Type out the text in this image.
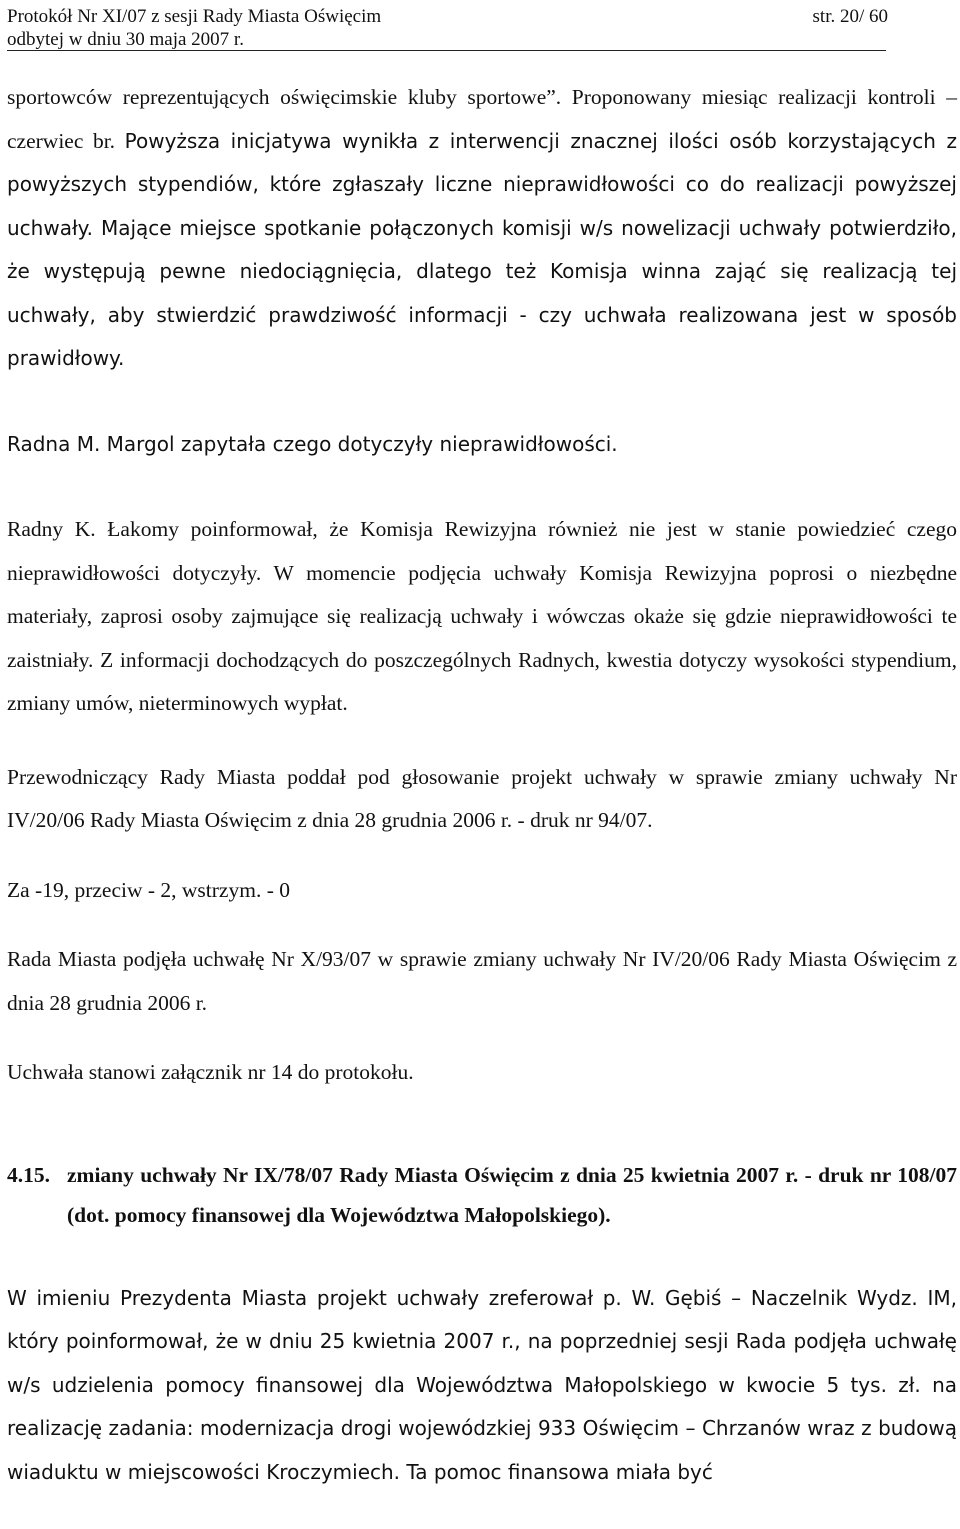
Protokół Nr XI/07 z sesji Rady Miasta Oświęcim	str. 20/ 60
odbytej w dniu 30 maja 2007 r.

sportowców reprezentujących oświęcimskie kluby sportowe”. Proponowany miesiąc realizacji kontroli – czerwiec br. Powyższa inicjatywa wynikła z interwencji znacznej ilości osób korzystających z powyższych stypendiów, które zgłaszały liczne nieprawidłowości co do realizacji powyższej uchwały. Mające miejsce spotkanie połączonych komisji w/s nowelizacji uchwały potwierdziło, że występują pewne niedociągnięcia, dlatego też Komisja winna zająć się realizacją tej uchwały, aby stwierdzić prawdziwość informacji - czy uchwała realizowana jest w sposób prawidłowy.

Radna M. Margol zapytała czego dotyczyły nieprawidłowości.

Radny K. Łakomy poinformował, że Komisja Rewizyjna również nie jest w stanie powiedzieć czego nieprawidłowości dotyczyły. W momencie podjęcia uchwały Komisja Rewizyjna poprosi o niezbędne materiały, zaprosi osoby zajmujące się realizacją uchwały i wówczas okaże się gdzie nieprawidłowości te zaistniały. Z informacji dochodzących do poszczególnych Radnych, kwestia dotyczy wysokości stypendium, zmiany umów, nieterminowych wypłat.

Przewodniczący Rady Miasta poddał pod głosowanie projekt uchwały w sprawie zmiany uchwały Nr IV/20/06 Rady Miasta Oświęcim z dnia 28 grudnia 2006 r. - druk nr 94/07.

Za -19, przeciw - 2, wstrzym. - 0

Rada Miasta podjęła uchwałę Nr X/93/07 w sprawie zmiany uchwały Nr IV/20/06 Rady Miasta Oświęcim z dnia 28 grudnia 2006 r.

Uchwała stanowi załącznik nr 14 do protokołu.

4.15. zmiany uchwały Nr IX/78/07 Rady Miasta Oświęcim z dnia 25 kwietnia 2007 r. - druk nr 108/07 (dot. pomocy finansowej dla Województwa Małopolskiego).

W imieniu Prezydenta Miasta projekt uchwały zreferował p. W. Gębiś – Naczelnik Wydz. IM, który poinformował, że w dniu 25 kwietnia 2007 r., na poprzedniej sesji Rada podjęła uchwałę w/s udzielenia pomocy finansowej dla Województwa Małopolskiego w kwocie 5 tys. zł. na realizację zadania: modernizacja drogi wojewódzkiej 933 Oświęcim – Chrzanów wraz z budową wiaduktu w miejscowości Kroczymiech. Ta pomoc finansowa miała być
